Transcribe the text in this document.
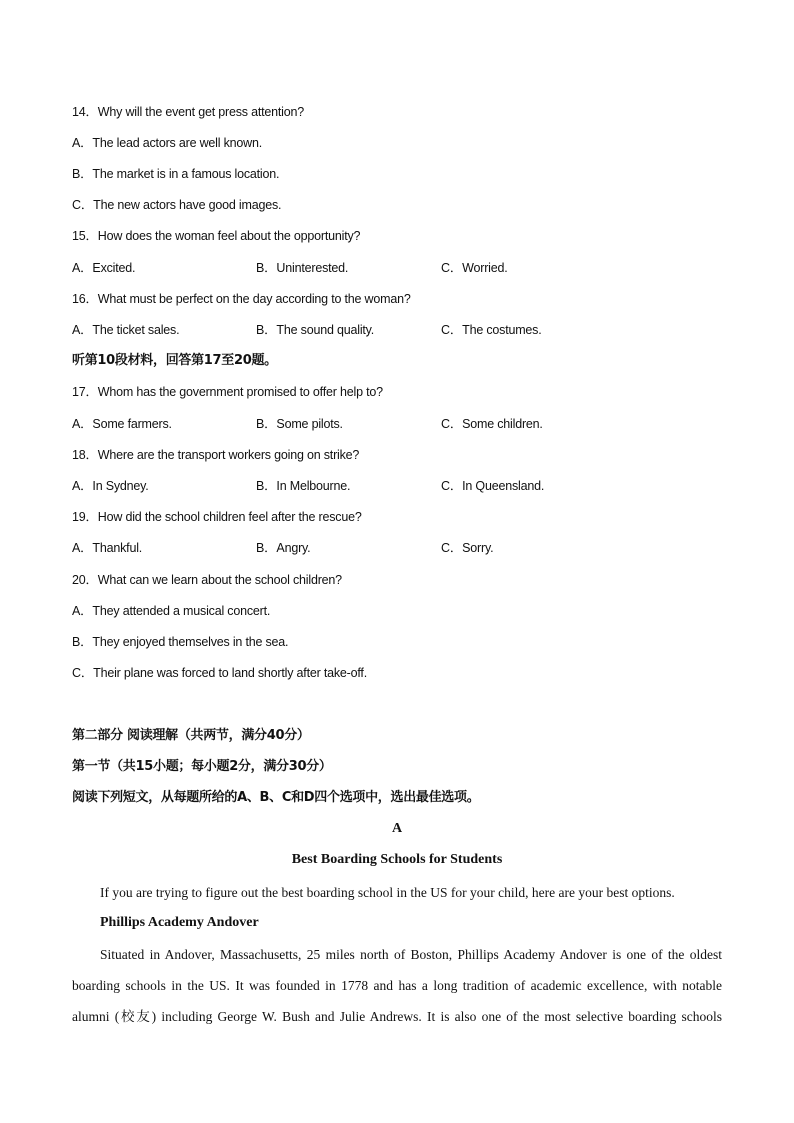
14．Why will the event get press attention?
A．The lead actors are well known.
B．The market is in a famous location.
C．The new actors have good images.
15．How does the woman feel about the opportunity?
A．Excited.	B．Uninterested.	C．Worried.
16．What must be perfect on the day according to the woman?
A．The ticket sales.	B．The sound quality.	C．The costumes.
听第10段材料，回答第17至20题。
17．Whom has the government promised to offer help to?
A．Some farmers.	B．Some pilots.	C．Some children.
18．Where are the transport workers going on strike?
A．In Sydney.	B．In Melbourne.	C．In Queensland.
19．How did the school children feel after the rescue?
A．Thankful.	B．Angry.	C．Sorry.
20．What can we learn about the school children?
A．They attended a musical concert.
B．They enjoyed themselves in the sea.
C．Their plane was forced to land shortly after take-off.
第二部分 阅读理解（共两节，满分40分）
第一节（共15小题；每小题2分，满分30分）
阅读下列短文，从每题所给的A、B、C和D四个选项中，选出最佳选项。
A
Best Boarding Schools for Students
If you are trying to figure out the best boarding school in the US for your child, here are your best options.
Phillips Academy Andover
Situated in Andover, Massachusetts, 25 miles north of Boston, Phillips Academy Andover is one of the oldest
boarding schools in the US. It was founded in 1778 and has a long tradition of academic excellence, with notable
alumni (校友) including George W. Bush and Julie Andrews. It is also one of the most selective boarding schools
